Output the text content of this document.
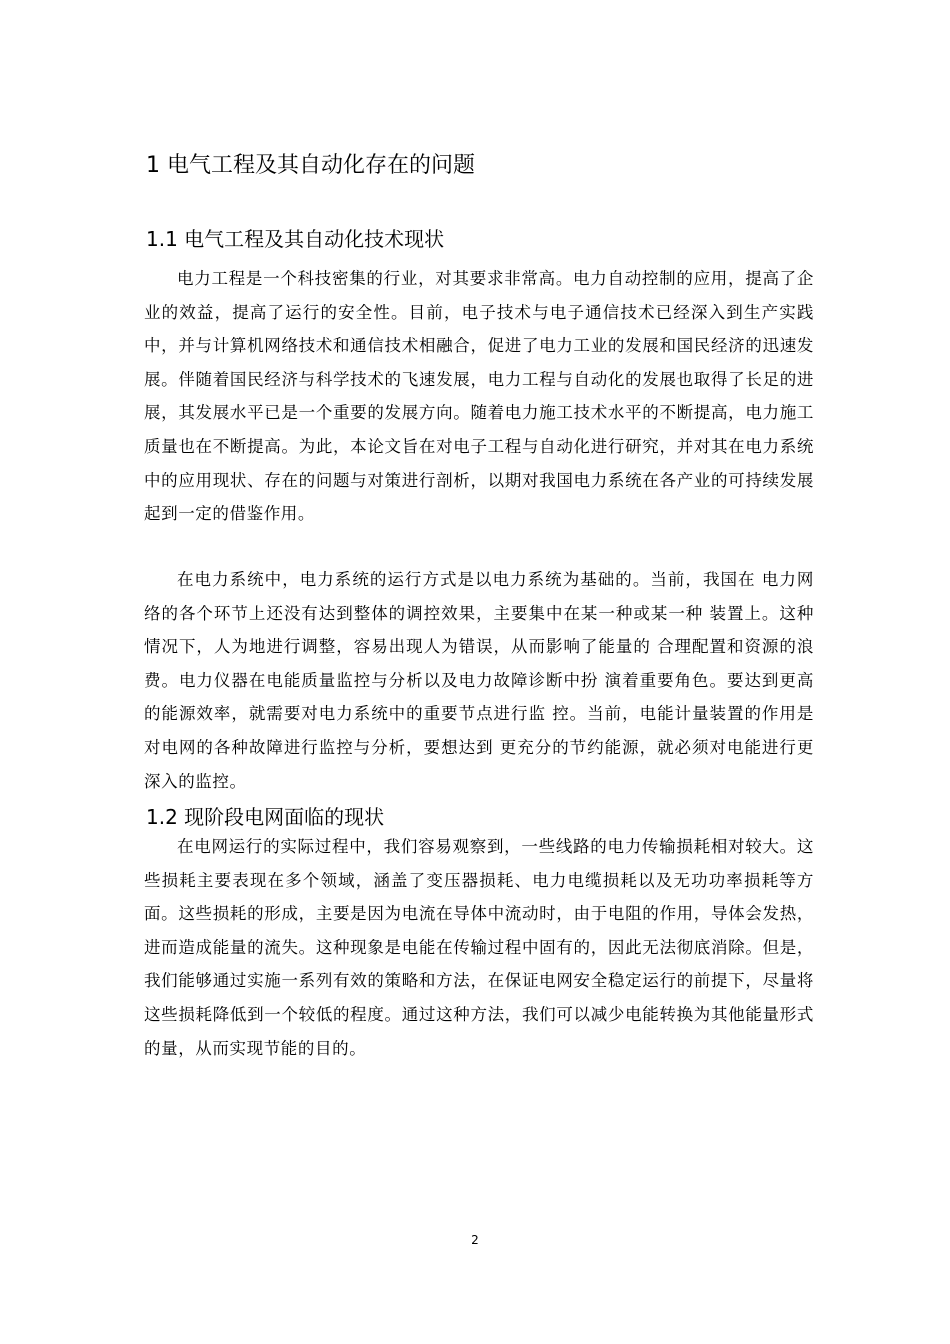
1 电气工程及其自动化存在的问题
1.1 电气工程及其自动化技术现状

电力工程是一个科技密集的行业，对其要求非常高。电力自动控制的应用，提高了企业的效益，提高了运行的安全性。目前，电子技术与电子通信技术已经深入到生产实践中，并与计算机网络技术和通信技术相融合，促进了电力工业的发展和国民经济的迅速发展。伴随着国民经济与科学技术的飞速发展，电力工程与自动化的发展也取得了长足的进展，其发展水平已是一个重要的发展方向。随着电力施工技术水平的不断提高，电力施工质量也在不断提高。为此，本论文旨在对电子工程与自动化进行研究，并对其在电力系统中的应用现状、存在的问题与对策进行剖析，以期对我国电力系统在各产业的可持续发展起到一定的借鉴作用。

在电力系统中，电力系统的运行方式是以电力系统为基础的。当前，我国在 电力网络的各个环节上还没有达到整体的调控效果，主要集中在某一种或某一种 装置上。这种情况下，人为地进行调整，容易出现人为错误，从而影响了能量的 合理配置和资源的浪费。电力仪器在电能质量监控与分析以及电力故障诊断中扮 演着重要角色。要达到更高的能源效率，就需要对电力系统中的重要节点进行监 控。当前，电能计量装置的作用是对电网的各种故障进行监控与分析，要想达到 更充分的节约能源，就必须对电能进行更深入的监控。

1.2 现阶段电网面临的现状

在电网运行的实际过程中，我们容易观察到，一些线路的电力传输损耗相对较大。这些损耗主要表现在多个领域，涵盖了变压器损耗、电力电缆损耗以及无功功率损耗等方面。这些损耗的形成，主要是因为电流在导体中流动时，由于电阻的作用，导体会发热，进而造成能量的流失。这种现象是电能在传输过程中固有的，因此无法彻底消除。但是，我们能够通过实施一系列有效的策略和方法，在保证电网安全稳定运行的前提下，尽量将这些损耗降低到一个较低的程度。通过这种方法，我们可以减少电能转换为其他能量形式的量，从而实现节能的目的。

2
